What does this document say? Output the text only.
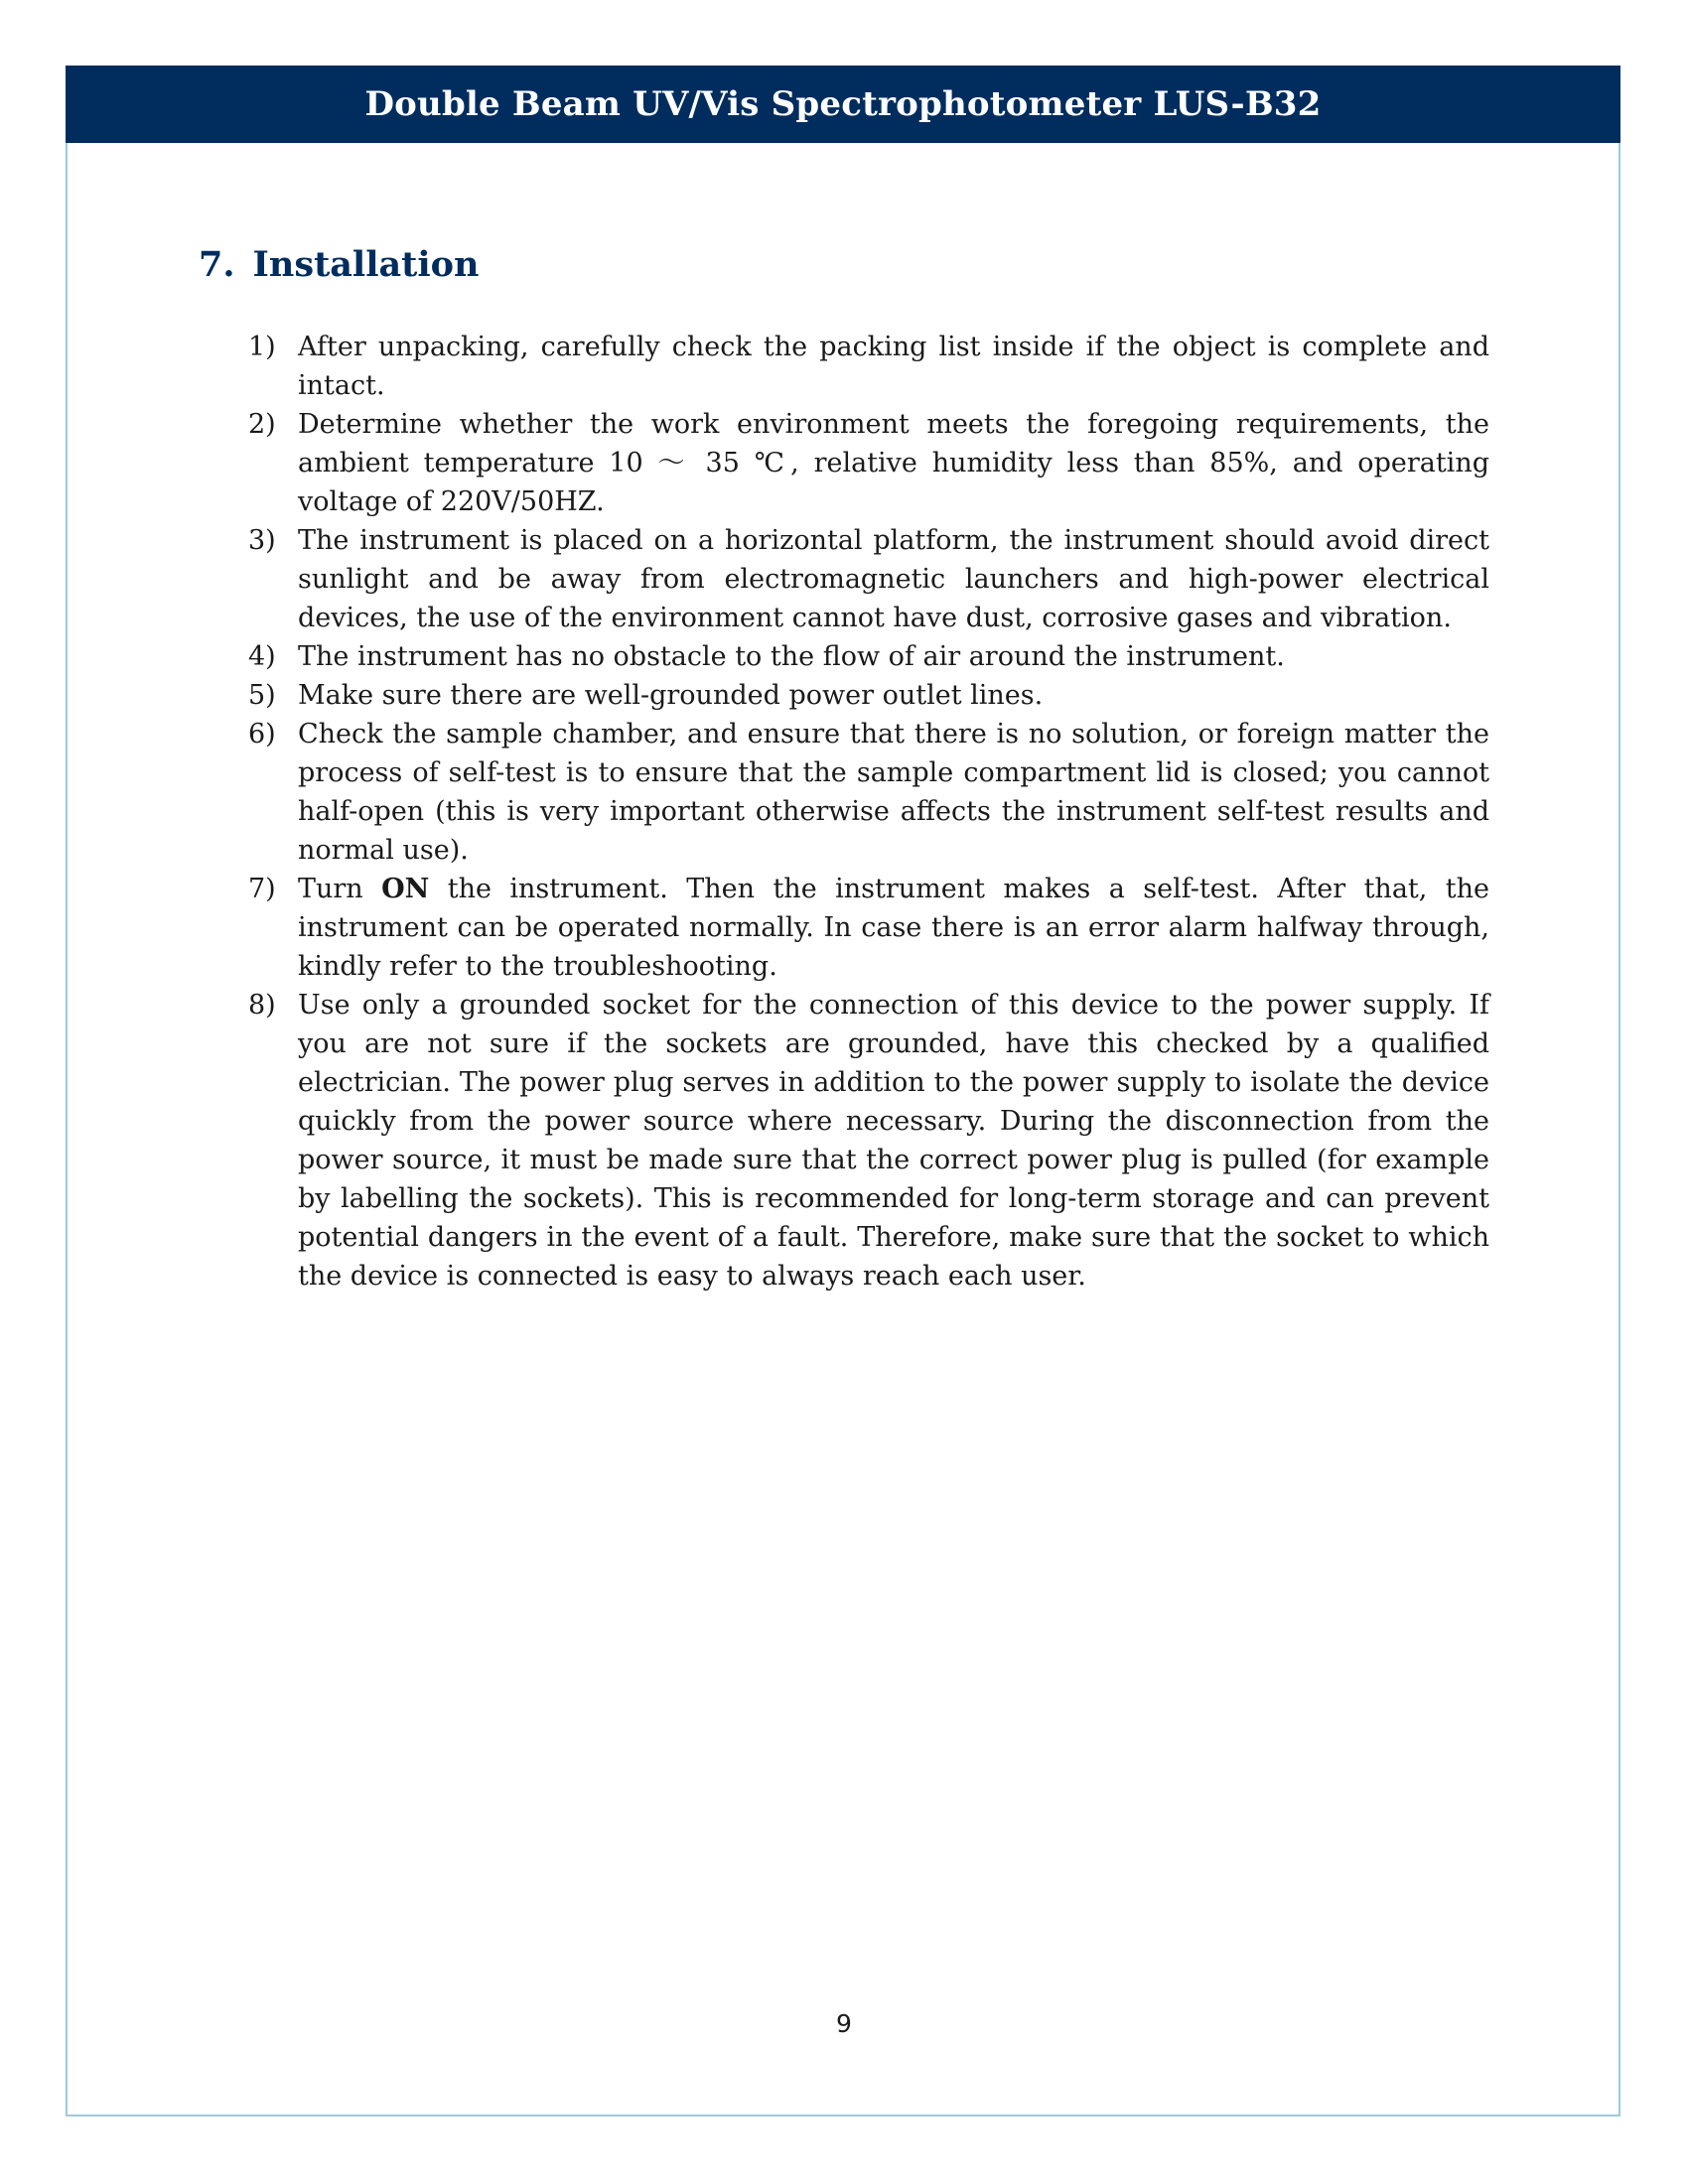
Double Beam UV/Vis Spectrophotometer LUS-B32
7. Installation
1) After unpacking, carefully check the packing list inside if the object is complete and intact.
2) Determine whether the work environment meets the foregoing requirements, the ambient temperature 10 ～ 35 ℃, relative humidity less than 85%, and operating voltage of 220V/50HZ.
3) The instrument is placed on a horizontal platform, the instrument should avoid direct sunlight and be away from electromagnetic launchers and high-power electrical devices, the use of the environment cannot have dust, corrosive gases and vibration.
4) The instrument has no obstacle to the flow of air around the instrument.
5) Make sure there are well-grounded power outlet lines.
6) Check the sample chamber, and ensure that there is no solution, or foreign matter the process of self-test is to ensure that the sample compartment lid is closed; you cannot half-open (this is very important otherwise affects the instrument self-test results and normal use).
7) Turn ON the instrument. Then the instrument makes a self-test. After that, the instrument can be operated normally. In case there is an error alarm halfway through, kindly refer to the troubleshooting.
8) Use only a grounded socket for the connection of this device to the power supply. If you are not sure if the sockets are grounded, have this checked by a qualified electrician. The power plug serves in addition to the power supply to isolate the device quickly from the power source where necessary. During the disconnection from the power source, it must be made sure that the correct power plug is pulled (for example by labelling the sockets). This is recommended for long-term storage and can prevent potential dangers in the event of a fault. Therefore, make sure that the socket to which the device is connected is easy to always reach each user.
9
